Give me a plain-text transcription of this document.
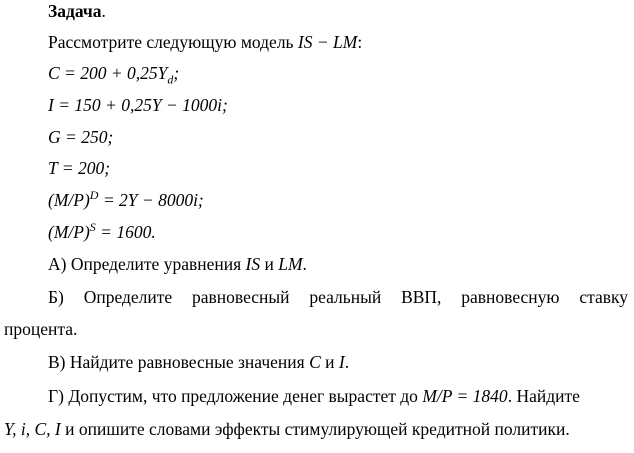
Задача.
Рассмотрите следующую модель IS − LM:
$C = 200 + 0,25Y_d$;
I = 150 + 0,25Y − 1000i;
G = 250;
T = 200;
$(M/P)^D = 2Y - 8000i$;
$(M/P)^S = 1600$.
А) Определите уравнения IS и LM.
Б) Определите равновесный реальный ВВП, равновесную ставку
процента.
В) Найдите равновесные значения C и I.
Г) Допустим, что предложение денег вырастет до M/P = 1840. Найдите
Y, i, C, I и опишите словами эффекты стимулирующей кредитной политики.
